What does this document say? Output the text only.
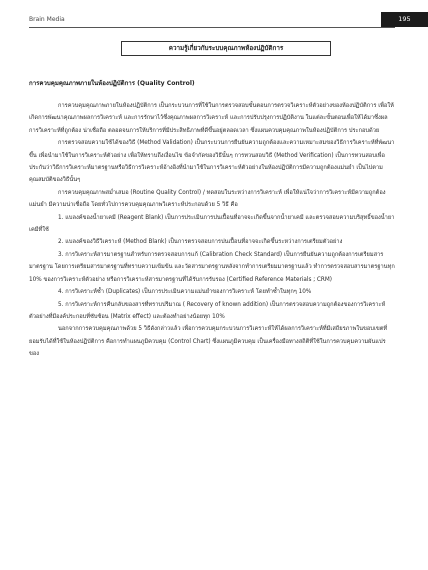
Brain Media	195
ความรู้เกี่ยวกับระบบคุณภาพห้องปฏิบัติการ
การควบคุมคุณภาพภายในห้องปฏิบัติการ (Quality Control)

การควบคุมคุณภาพภายในห้องปฏิบัติการ เป็นกระบวนการที่ใช้ในการตรวจสอบขั้นตอนการตรวจวิเคราะห์ตัวอย่างของห้องปฏิบัติการ เพื่อให้เกิดการพัฒนาคุณภาพผลการวิเคราะห์ และการรักษาไว้ซึ่งคุณภาพผลการวิเคราะห์ และการปรับปรุงการปฏิบัติงาน ในแต่ละขั้นตอนเพื่อให้ได้มาซึ่งผลการวิเคราะห์ที่ถูกต้อง น่าเชื่อถือ ตลอดจนการให้บริการที่มีประสิทธิภาพที่ดีขึ้นอยู่ตลอดเวลา ซึ่งแผนควบคุมคุณภาพในห้องปฏิบัติการ ประกอบด้วย

การตรวจสอบความใช้ได้ของวิธี (Method Validation) เป็นกระบวนการยืนยันความถูกต้องและความเหมาะสมของวิธีการวิเคราะห์ที่พัฒนาขึ้น เพื่อนำมาใช้ในการวิเคราะห์ตัวอย่าง เพื่อให้ทราบถึงเงื่อนไข ข้อจำกัดของวิธีนั้นๆ การทวนสอบวิธี (Method Verification) เป็นการทวนสอบเพื่อประกันว่าวิธีการวิเคราะห์มาตรฐานหรือวิธีการวิเคราะห์อ้างอิงที่นำมาใช้ในการวิเคราะห์ตัวอย่างในห้องปฏิบัติการมีความถูกต้องแม่นยำ เป็นไปตามคุณสมบัติของวิธีนั้นๆ

การควบคุมคุณภาพสม่ำเสมอ (Routine Quality Control) / ทดสอบในระหว่างการวิเคราะห์ เพื่อให้แน่ใจว่าการวิเคราะห์มีความถูกต้องแม่นยำ มีความน่าเชื่อถือ โดยทั่วไปการควบคุมคุณภาพวิเคราะห์ประกอบด้วย 5 วิธี คือ

1. แบลงค์ของน้ำยาเคมี (Reagent Blank) เป็นการประเมินการปนเปื้อนที่อาจจะเกิดขึ้นจากน้ำยาเคมี และตรวจสอบความบริสุทธิ์ของน้ำยาเคมีที่ใช้

2. แบลงค์ของวิธีวิเคราะห์ (Method Blank) เป็นการตรวจสอบการปนเปื้อนที่อาจจะเกิดขึ้นระหว่างการเตรียมตัวอย่าง

3. การวิเคราะห์สารมาตรฐานสำหรับการตรวจสอบการแก้ (Calibration Check Standard) เป็นการยืนยันความถูกต้องการเตรียมสารมาตรฐาน โดยการเตรียมสารมาตรฐานที่ทราบความเข้มข้น และวัดสารมาตรฐานหลังจากทำการเตรียมมาตรฐานแล้ว ทำการตรวจสอบสารมาตรฐานทุก 10% ของการวิเคราะห์ตัวอย่าง หรือการวิเคราะห์สารมาตรฐานที่ได้รับการรับรอง (Certified Reference Materials ; CRM)

4. การวิเคราะห์ซ้ำ (Duplicates) เป็นการประเมินความแม่นยำของการวิเคราะห์ โดยทำซ้ำในทุกๆ 10%

5. การวิเคราะห์การคืนกลับของสารที่ทราบปริมาณ ( Recovery of known addition) เป็นการตรวจสอบความถูกต้องของการวิเคราะห์ตัวอย่างที่มีองค์ประกอบที่ซับซ้อน (Matrix effect) และต้องทำอย่างน้อยทุก 10%

นอกจากการควบคุมคุณภาพด้วย 5 วิธีดังกล่าวแล้ว เพื่อการควบคุมกระบวนการวิเคราะห์ให้ได้ผลการวิเคราะห์ที่มีเสถียรภาพในขอบเขตที่ยอมรับได้ที่ใช้ในห้องปฏิบัติการ คือการทำแผนภูมิควบคุม (Control Chart) ซึ่งแผนภูมิควบคุม เป็นเครื่องมือทางสถิติที่ใช้ในการควบคุมความผันแปรของ
